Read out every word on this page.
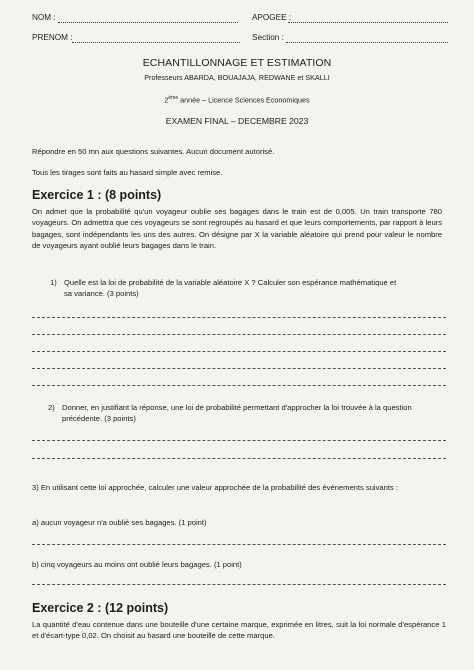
NOM :	APOGEE :
PRENOM :	Section :
ECHANTILLONNAGE ET ESTIMATION
Professeurs ABARDA, BOUAJAJA, REDWANE et SKALLI
2ème année – Licence Sciences Economiques
EXAMEN FINAL – DECEMBRE 2023
Répondre en 50 mn aux questions suivantes. Aucun document autorisé.
Tous les tirages sont faits au hasard simple avec remise.
Exercice 1 : (8 points)
On admet que la probabilité qu'un voyageur oublie ses bagages dans le train est de 0,005. Un train transporte 780 voyageurs. On admettra que ces voyageurs se sont regroupés au hasard et que leurs comportements, par rapport à leurs bagages, sont indépendants les uns des autres. On désigne par X la variable aléatoire qui prend pour valeur le nombre de voyageurs ayant oublié leurs bagages dans le train.
1) Quelle est la loi de probabilité de la variable aléatoire X ? Calculer son espérance mathématique et sa variance. (3 points)
2) Donner, en justifiant la réponse, une loi de probabilité permettant d'approcher la loi trouvée à la question précédente. (3 points)
3) En utilisant cette loi approchée, calculer une valeur approchée de la probabilité des événements suivants :
a) aucun voyageur n'a oublié ses bagages. (1 point)
b) cinq voyageurs au moins ont oublié leurs bagages. (1 point)
Exercice 2 : (12 points)
La quantité d'eau contenue dans une bouteille d'une certaine marque, exprimée en litres, suit la loi normale d'espérance 1 et d'écart-type 0,02. On choisit au hasard une bouteille de cette marque.
